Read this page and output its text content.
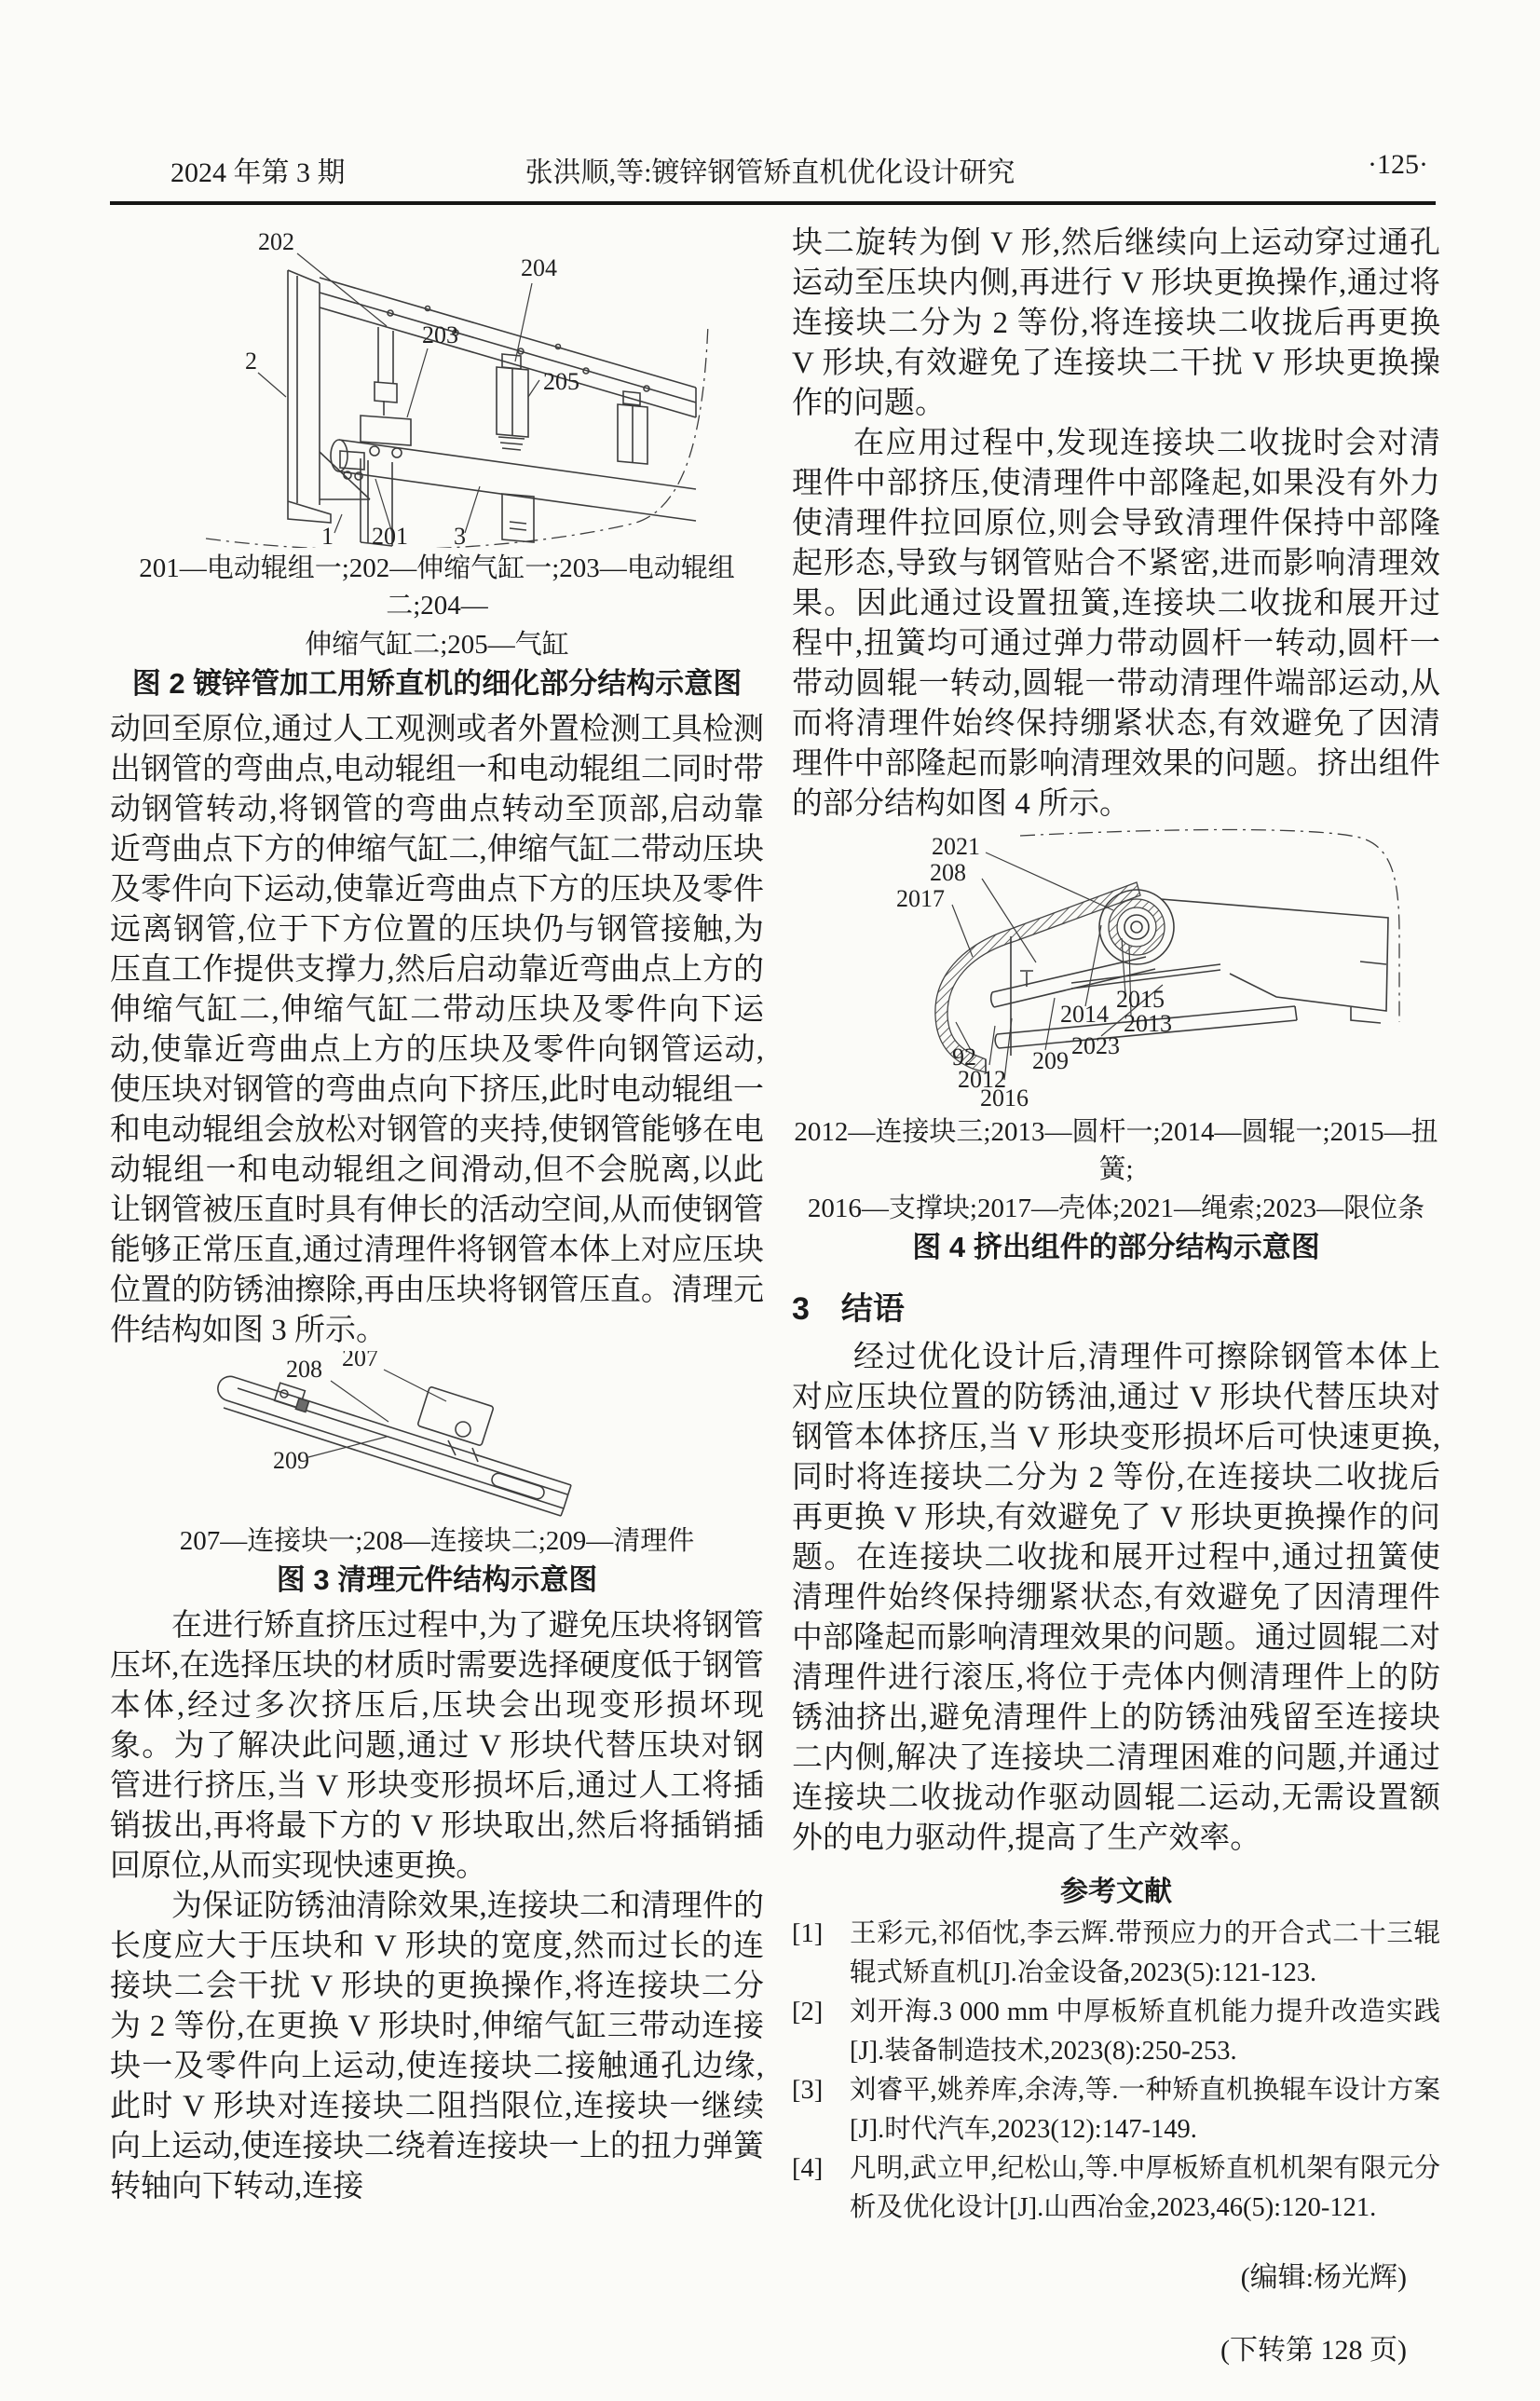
2024 年第 3 期	张洪顺,等:镀锌钢管矫直机优化设计研究	·125·
202
204
203
2
205
1 201 3

201—电动辊组一;202—伸缩气缸一;203—电动辊组二;204—

伸缩气缸二;205—气缸

图 2 镀锌管加工用矫直机的细化部分结构示意图

动回至原位,通过人工观测或者外置检测工具检测出钢管的弯曲点,电动辊组一和电动辊组二同时带动钢管转动,将钢管的弯曲点转动至顶部,启动靠近弯曲点下方的伸缩气缸二,伸缩气缸二带动压块及零件向下运动,使靠近弯曲点下方的压块及零件远离钢管,位于下方位置的压块仍与钢管接触,为压直工作提供支撑力,然后启动靠近弯曲点上方的伸缩气缸二,伸缩气缸二带动压块及零件向下运动,使靠近弯曲点上方的压块及零件向钢管运动,使压块对钢管的弯曲点向下挤压,此时电动辊组一和电动辊组会放松对钢管的夹持,使钢管能够在电动辊组一和电动辊组之间滑动,但不会脱离,以此让钢管被压直时具有伸长的活动空间,从而使钢管能够正常压直,通过清理件将钢管本体上对应压块位置的防锈油擦除,再由压块将钢管压直。清理元件结构如图 3 所示。

208 207
209

207—连接块一;208—连接块二;209—清理件

图 3 清理元件结构示意图

在进行矫直挤压过程中,为了避免压块将钢管压坏,在选择压块的材质时需要选择硬度低于钢管本体,经过多次挤压后,压块会出现变形损坏现象。为了解决此问题,通过 V 形块代替压块对钢管进行挤压,当 V 形块变形损坏后,通过人工将插销拔出,再将最下方的 V 形块取出,然后将插销插回原位,从而实现快速更换。

为保证防锈油清除效果,连接块二和清理件的长度应大于压块和 V 形块的宽度,然而过长的连接块二会干扰 V 形块的更换操作,将连接块二分为 2 等份,在更换 V 形块时,伸缩气缸三带动连接块一及零件向上运动,使连接块二接触通孔边缘,此时 V 形块对连接块二阻挡限位,连接块一继续向上运动,使连接块二绕着连接块一上的扭力弹簧转轴向下转动,连接

块二旋转为倒 V 形,然后继续向上运动穿过通孔运动至压块内侧,再进行 V 形块更换操作,通过将连接块二分为 2 等份,将连接块二收拢后再更换 V 形块,有效避免了连接块二干扰 V 形块更换操作的问题。

在应用过程中,发现连接块二收拢时会对清理件中部挤压,使清理件中部隆起,如果没有外力使清理件拉回原位,则会导致清理件保持中部隆起形态,导致与钢管贴合不紧密,进而影响清理效果。因此通过设置扭簧,连接块二收拢和展开过程中,扭簧均可通过弹力带动圆杆一转动,圆杆一带动圆辊一转动,圆辊一带动清理件端部运动,从而将清理件始终保持绷紧状态,有效避免了因清理件中部隆起而影响清理效果的问题。挤出组件的部分结构如图 4 所示。

2021
208
2017
2014
2015
2013
2023
92
2012
2016
209

2012—连接块三;2013—圆杆一;2014—圆辊一;2015—扭簧;

2016—支撑块;2017—壳体;2021—绳索;2023—限位条

图 4 挤出组件的部分结构示意图

3 结语

经过优化设计后,清理件可擦除钢管本体上对应压块位置的防锈油,通过 V 形块代替压块对钢管本体挤压,当 V 形块变形损坏后可快速更换,同时将连接块二分为 2 等份,在连接块二收拢后再更换 V 形块,有效避免了 V 形块更换操作的问题。在连接块二收拢和展开过程中,通过扭簧使清理件始终保持绷紧状态,有效避免了因清理件中部隆起而影响清理效果的问题。通过圆辊二对清理件进行滚压,将位于壳体内侧清理件上的防锈油挤出,避免清理件上的防锈油残留至连接块二内侧,解决了连接块二清理困难的问题,并通过连接块二收拢动作驱动圆辊二运动,无需设置额外的电力驱动件,提高了生产效率。

参考文献
[1]	王彩元,祁佰忱,李云辉.带预应力的开合式二十三辊辊式矫直机[J].冶金设备,2023(5):121-123.
[2]	刘开海.3 000 mm 中厚板矫直机能力提升改造实践[J].装备制造技术,2023(8):250-253.
[3]	刘睿平,姚养库,余涛,等.一种矫直机换辊车设计方案[J].时代汽车,2023(12):147-149.
[4]	凡明,武立甲,纪松山,等.中厚板矫直机机架有限元分析及优化设计[J].山西冶金,2023,46(5):120-121.

(编辑:杨光辉)

(下转第 128 页)
